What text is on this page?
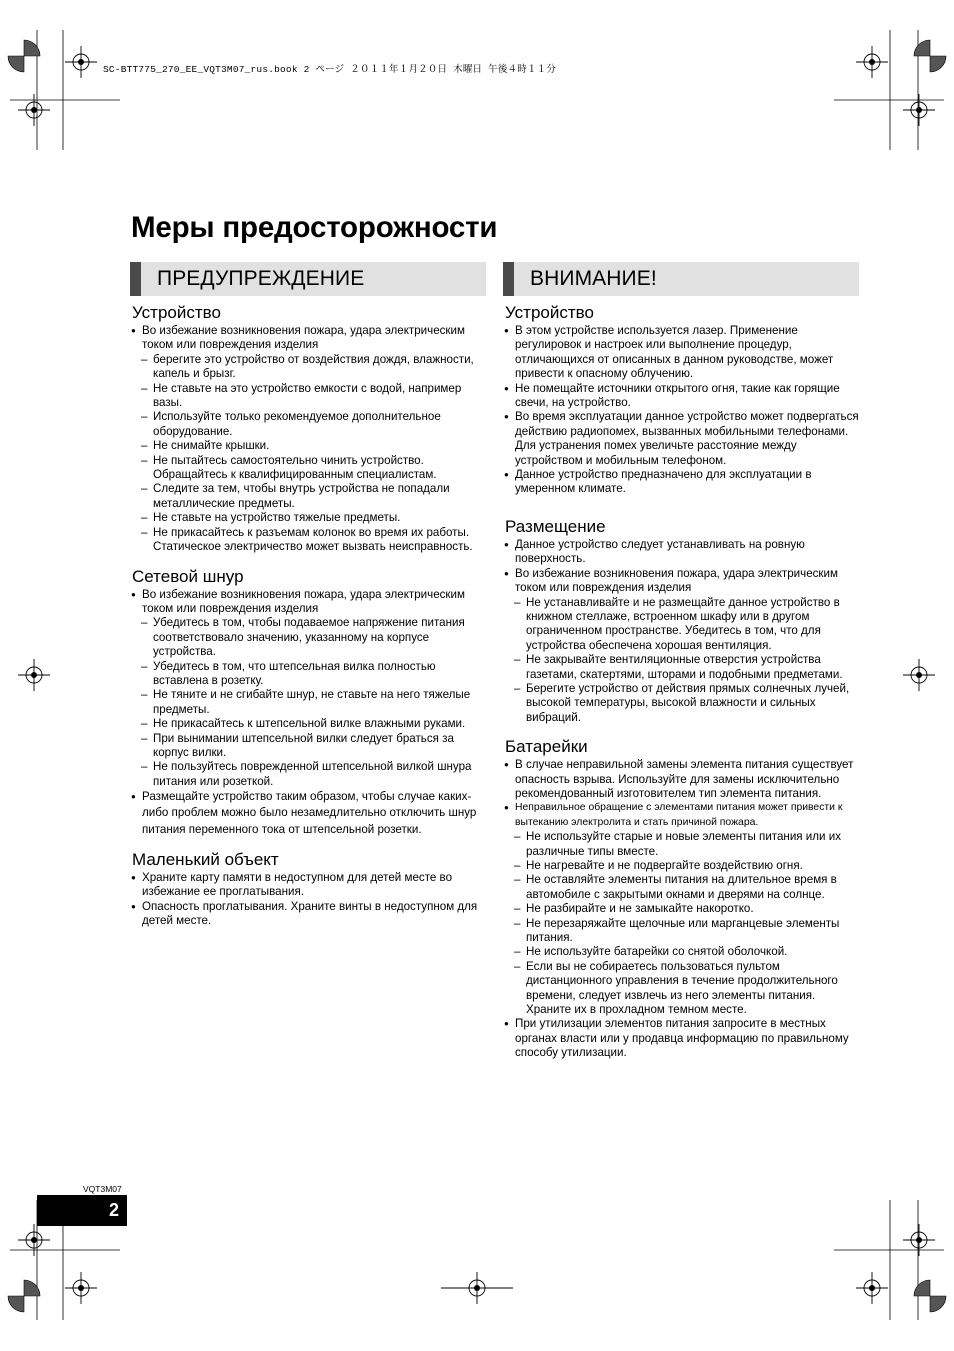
SC-BTT775_270_EE_VQT3M07_rus.book 2 ページ ２０１１年１月２０日 木曜日 午後４時１１分
Меры предосторожности
ПРЕДУПРЕЖДЕНИЕ
Устройство
● Во избежание возникновения пожара, удара электрическим током или повреждения изделия
– берегите это устройство от воздействия дождя, влажности, капель и брызг.
– Не ставьте на это устройство емкости с водой, например вазы.
– Используйте только рекомендуемое дополнительное оборудование.
– Не снимайте крышки.
– Не пытайтесь самостоятельно чинить устройство. Обращайтесь к квалифицированным специалистам.
– Следите за тем, чтобы внутрь устройства не попадали металлические предметы.
– Не ставьте на устройство тяжелые предметы.
– Не прикасайтесь к разъемам колонок во время их работы. Статическое электричество может вызвать неисправность.
Сетевой шнур
● Во избежание возникновения пожара, удара электрическим током или повреждения изделия
– Убедитесь в том, чтобы подаваемое напряжение питания соответствовало значению, указанному на корпусе устройства.
– Убедитесь в том, что штепсельная вилка полностью вставлена в розетку.
– Не тяните и не сгибайте шнур, не ставьте на него тяжелые предметы.
– Не прикасайтесь к штепсельной вилке влажными руками.
– При вынимании штепсельной вилки следует браться за корпус вилки.
– Не пользуйтесь поврежденной штепсельной вилкой шнура питания или розеткой.
● Размещайте устройство таким образом, чтобы случае каких-либо проблем можно было незамедлительно отключить шнур питания переменного тока от штепсельной розетки.
Маленький объект
● Храните карту памяти в недоступном для детей месте во избежание ее проглатывания.
● Опасность проглатывания. Храните винты в недоступном для детей месте.
ВНИМАНИЕ!
Устройство
● В этом устройстве используется лазер. Применение регулировок и настроек или выполнение процедур, отличающихся от описанных в данном руководстве, может привести к опасному облучению.
● Не помещайте источники открытого огня, такие как горящие свечи, на устройство.
● Во время эксплуатации данное устройство может подвергаться действию радиопомех, вызванных мобильными телефонами. Для устранения помех увеличьте расстояние между устройством и мобильным телефоном.
● Данное устройство предназначено для эксплуатации в умеренном климате.
Размещение
● Данное устройство следует устанавливать на ровную поверхность.
● Во избежание возникновения пожара, удара электрическим током или повреждения изделия
– Не устанавливайте и не размещайте данное устройство в книжном стеллаже, встроенном шкафу или в другом ограниченном пространстве. Убедитесь в том, что для устройства обеспечена хорошая вентиляция.
– Не закрывайте вентиляционные отверстия устройства газетами, скатертями, шторами и подобными предметами.
– Берегите устройство от действия прямых солнечных лучей, высокой температуры, высокой влажности и сильных вибраций.
Батарейки
● В случае неправильной замены элемента питания существует опасность взрыва. Используйте для замены исключительно рекомендованный изготовителем тип элемента питания.
● Неправильное обращение с элементами питания может привести к вытеканию электролита и стать причиной пожара.
– Не используйте старые и новые элементы питания или их различные типы вместе.
– Не нагревайте и не подвергайте воздействию огня.
– Не оставляйте элементы питания на длительное время в автомобиле с закрытыми окнами и дверями на солнце.
– Не разбирайте и не замыкайте накоротко.
– Не перезаряжайте щелочные или марганцевые элементы питания.
– Не используйте батарейки со снятой оболочкой.
– Если вы не собираетесь пользоваться пультом дистанционного управления в течение продолжительного времени, следует извлечь из него элементы питания. Храните их в прохладном темном месте.
● При утилизации элементов питания запросите в местных органах власти или у продавца информацию по правильному способу утилизации.
VQT3M07
2
